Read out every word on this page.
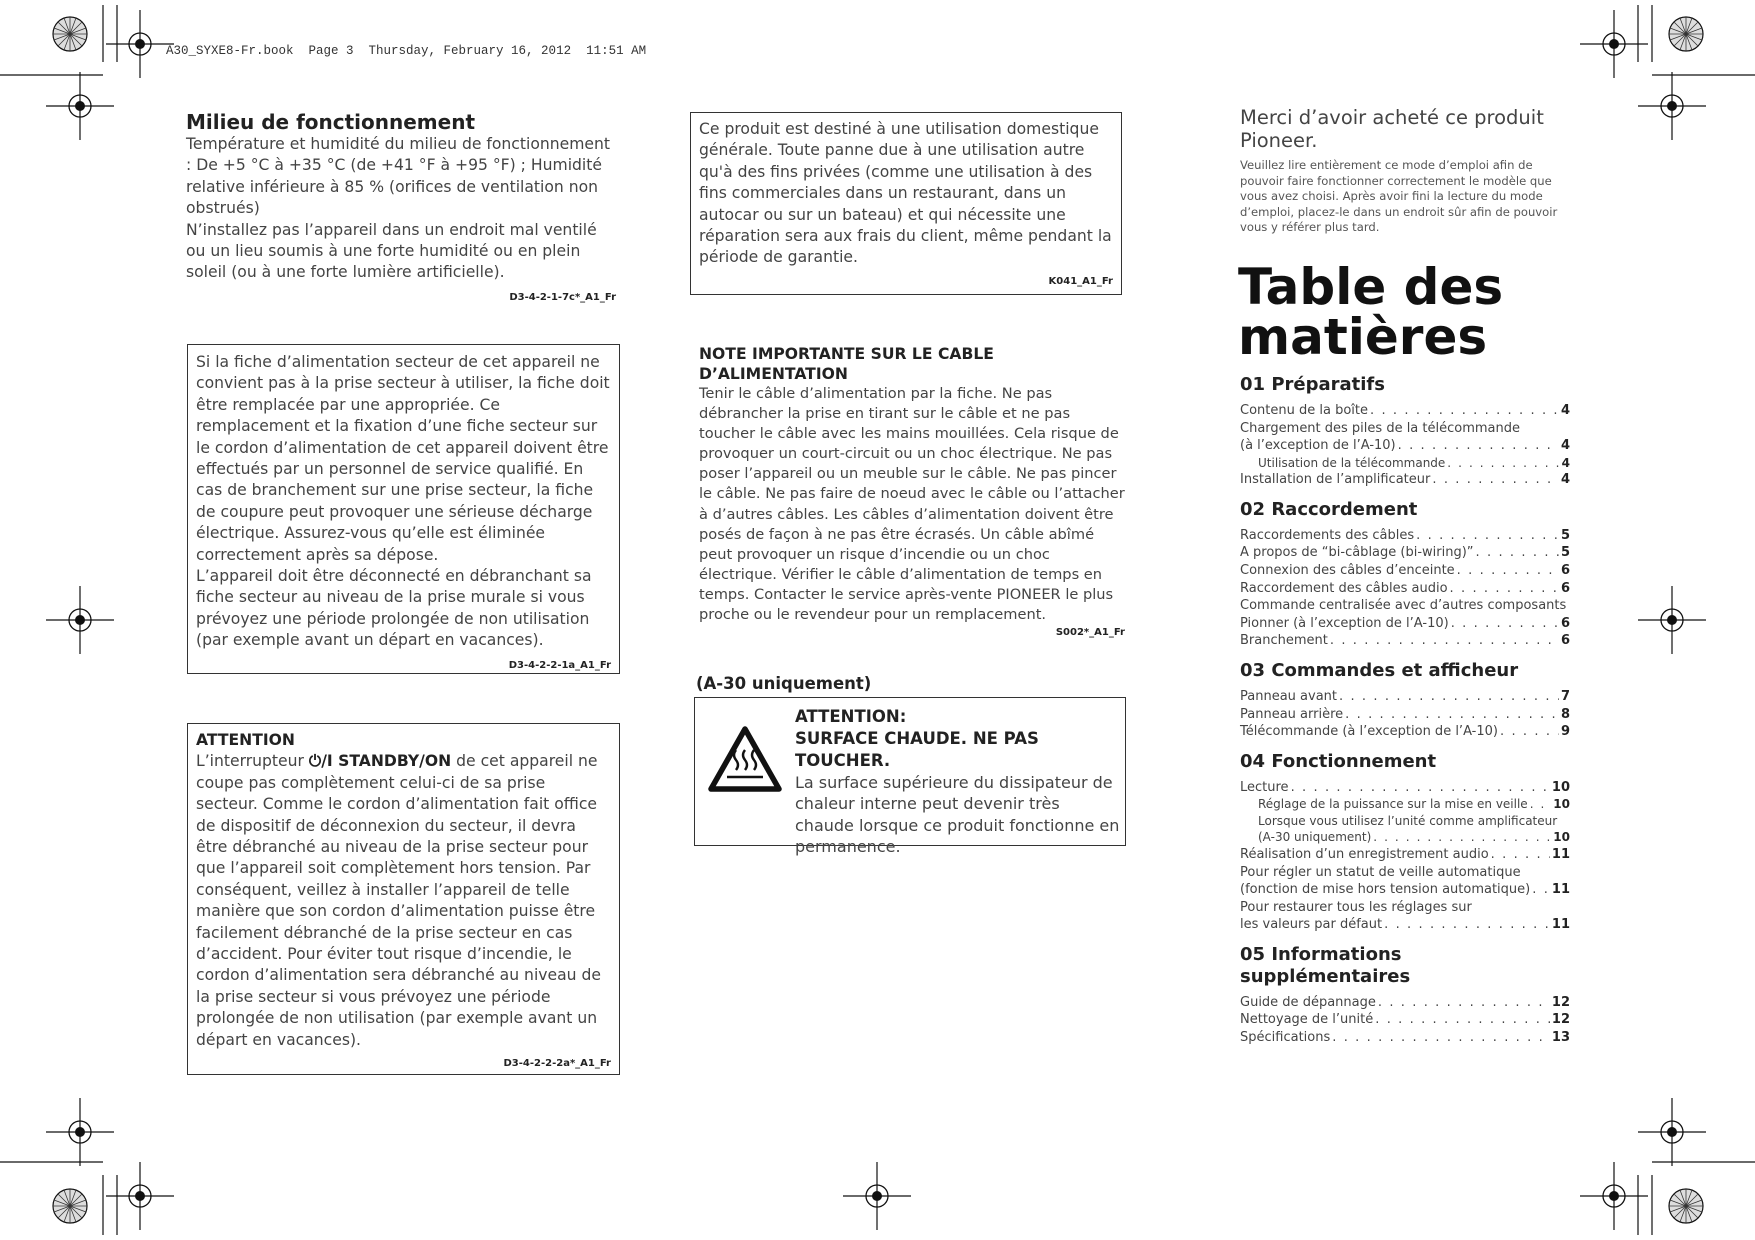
A30_SYXE8-Fr.book  Page 3  Thursday, February 16, 2012  11:51 AM
Milieu de fonctionnement
Température et humidité du milieu de fonctionnement : De +5 °C à +35 °C (de +41 °F à +95 °F) ; Humidité relative inférieure à 85 % (orifices de ventilation non obstrués)
N’installez pas l’appareil dans un endroit mal ventilé ou un lieu soumis à une forte humidité ou en plein soleil (ou à une forte lumière artificielle).
D3-4-2-1-7c*_A1_Fr
Si la fiche d’alimentation secteur de cet appareil ne convient pas à la prise secteur à utiliser, la fiche doit être remplacée par une appropriée. Ce remplacement et la fixation d’une fiche secteur sur le cordon d’alimentation de cet appareil doivent être effectués par un personnel de service qualifié. En cas de branchement sur une prise secteur, la fiche de coupure peut provoquer une sérieuse décharge électrique. Assurez-vous qu’elle est éliminée correctement après sa dépose.
L’appareil doit être déconnecté en débranchant sa fiche secteur au niveau de la prise murale si vous prévoyez une période prolongée de non utilisation (par exemple avant un départ en vacances).
D3-4-2-2-1a_A1_Fr
ATTENTION
L’interrupteur ⏻/I STANDBY/ON de cet appareil ne coupe pas complètement celui-ci de sa prise secteur. Comme le cordon d’alimentation fait office de dispositif de déconnexion du secteur, il devra être débranché au niveau de la prise secteur pour que l’appareil soit complètement hors tension. Par conséquent, veillez à installer l’appareil de telle manière que son cordon d’alimentation puisse être facilement débranché de la prise secteur en cas d’accident. Pour éviter tout risque d’incendie, le cordon d’alimentation sera débranché au niveau de la prise secteur si vous prévoyez une période prolongée de non utilisation (par exemple avant un départ en vacances).
D3-4-2-2-2a*_A1_Fr
Ce produit est destiné à une utilisation domestique générale. Toute panne due à une utilisation autre qu'à des fins privées (comme une utilisation à des fins commerciales dans un restaurant, dans un autocar ou sur un bateau) et qui nécessite une réparation sera aux frais du client, même pendant la période de garantie.
K041_A1_Fr
NOTE IMPORTANTE SUR LE CABLE D’ALIMENTATION
Tenir le câble d’alimentation par la fiche. Ne pas débrancher la prise en tirant sur le câble et ne pas toucher le câble avec les mains mouillées. Cela risque de provoquer un court-circuit ou un choc électrique. Ne pas poser l’appareil ou un meuble sur le câble. Ne pas pincer le câble. Ne pas faire de noeud avec le câble ou l’attacher à d’autres câbles. Les câbles d’alimentation doivent être posés de façon à ne pas être écrasés. Un câble abîmé peut provoquer un risque d’incendie ou un choc électrique. Vérifier le câble d’alimentation de temps en temps. Contacter le service après-vente PIONEER le plus proche ou le revendeur pour un remplacement.
S002*_A1_Fr
(A-30 uniquement)
ATTENTION:
SURFACE CHAUDE. NE PAS TOUCHER.
La surface supérieure du dissipateur de chaleur interne peut devenir très chaude lorsque ce produit fonctionne en permanence.
Merci d’avoir acheté ce produit Pioneer.
Veuillez lire entièrement ce mode d’emploi afin de pouvoir faire fonctionner correctement le modèle que vous avez choisi. Après avoir fini la lecture du mode d’emploi, placez-le dans un endroit sûr afin de pouvoir vous y référer plus tard.
Table des
matières
01 Préparatifs
Contenu de la boîte . . .	4
Chargement des piles de la télécommande
(à l’exception de l’A-10) . . .	4
Utilisation de la télécommande . . .	4
Installation de l’amplificateur . . .	4
02 Raccordement
Raccordements des câbles . . .	5
A propos de “bi-câblage (bi-wiring)” . . .	5
Connexion des câbles d’enceinte . . .	6
Raccordement des câbles audio . . .	6
Commande centralisée avec d’autres composants
Pionner (à l’exception de l’A-10) . . .	6
Branchement . . .	6
03 Commandes et afficheur
Panneau avant . . .	7
Panneau arrière . . .	8
Télécommande (à l’exception de l’A-10) . . .	9
04 Fonctionnement
Lecture . . .	10
Réglage de la puissance sur la mise en veille . . . 10
Lorsque vous utilisez l’unité comme amplificateur
(A-30 uniquement) . . .	10
Réalisation d’un enregistrement audio . . .	11
Pour régler un statut de veille automatique
(fonction de mise hors tension automatique) . . . 11
Pour restaurer tous les réglages sur
les valeurs par défaut . . .	11
05 Informations supplémentaires
Guide de dépannage . . .	12
Nettoyage de l’unité . . .	12
Spécifications . . .	13
